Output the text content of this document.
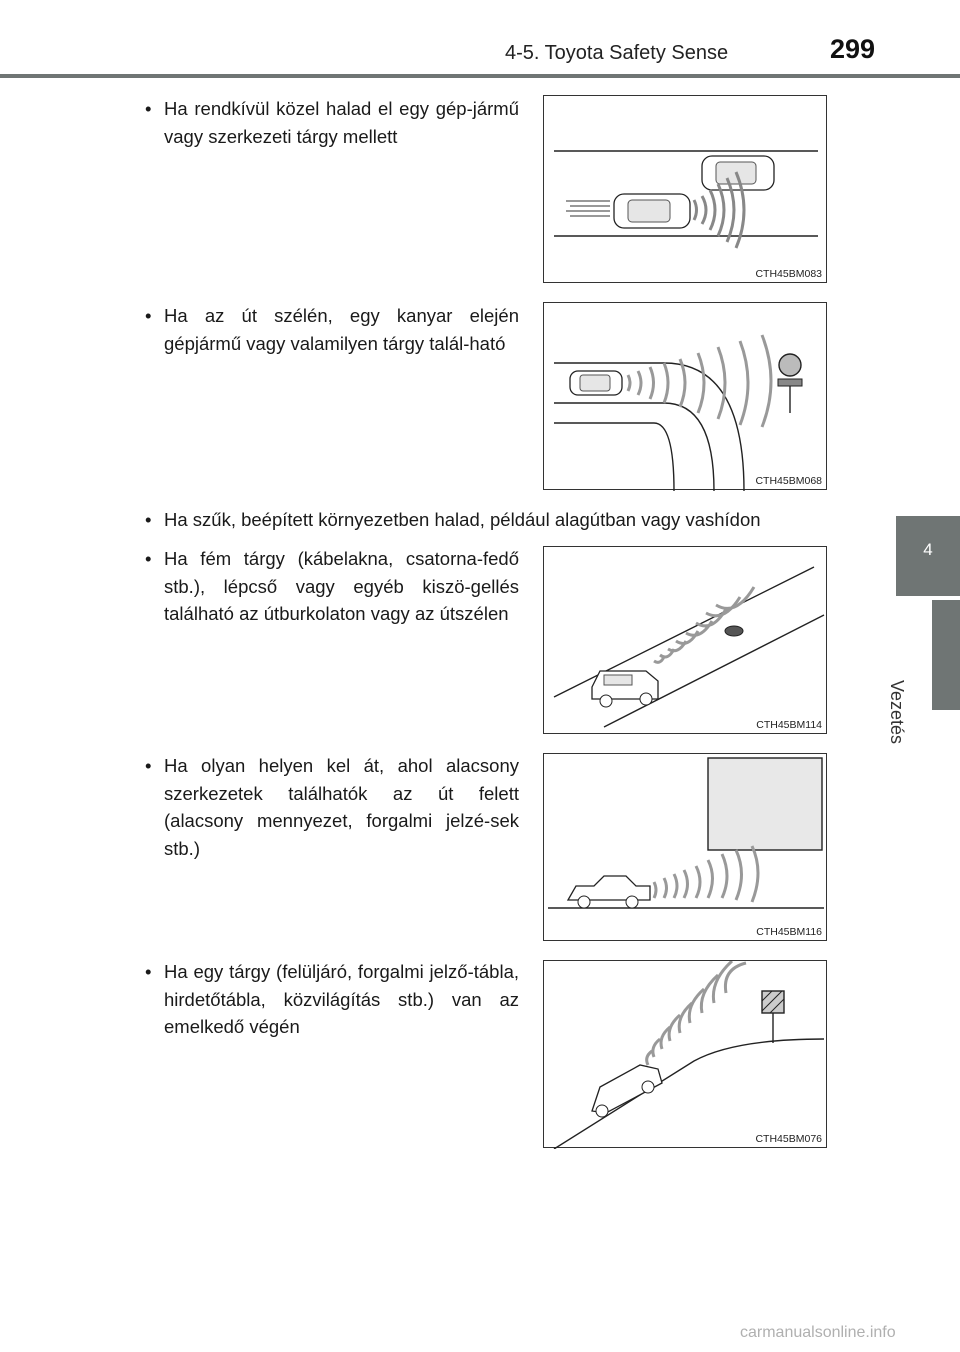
4-5. Toyota Safety Sense	299
4
Vezetés
• Ha rendkívül közel halad el egy gép-jármű vagy szerkezeti tárgy mellett
CTH45BM083
• Ha az út szélén, egy kanyar elején gépjármű vagy valamilyen tárgy talál-ható
CTH45BM068
• Ha szűk, beépített környezetben halad, például alagútban vagy vashídon
• Ha fém tárgy (kábelakna, csatorna-fedő stb.), lépcső vagy egyéb kiszö-gellés található az útburkolaton vagy az útszélen
CTH45BM114
• Ha olyan helyen kel át, ahol alacsony szerkezetek találhatók az út felett (alacsony mennyezet, forgalmi jelzé-sek stb.)
CTH45BM116
• Ha egy tárgy (felüljáró, forgalmi jelző-tábla, hirdetőtábla, közvilágítás stb.) van az emelkedő végén
CTH45BM076
carmanualsonline.info
